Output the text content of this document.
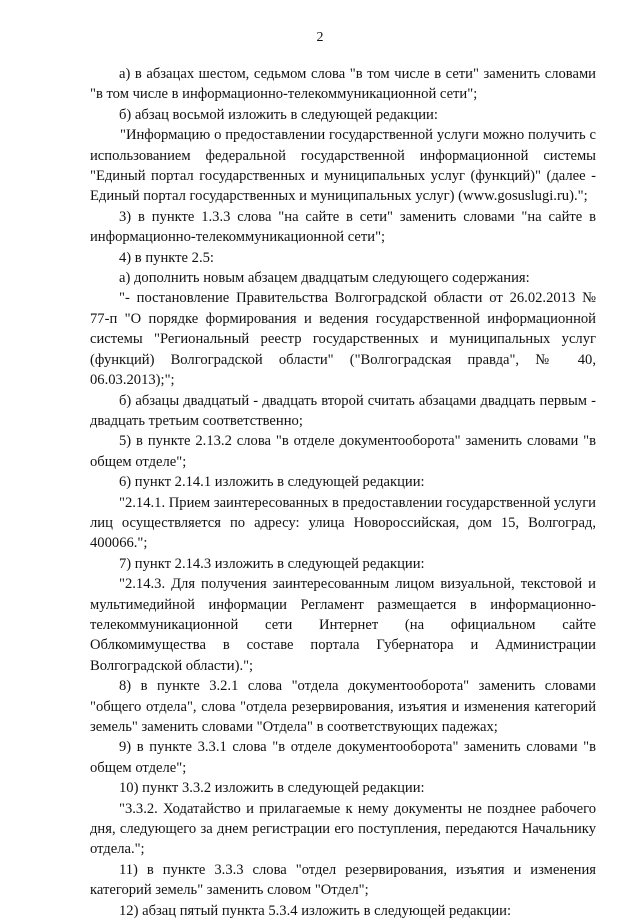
2

а) в абзацах шестом, седьмом слова "в том числе в сети" заменить словами "в том числе в информационно-телекоммуникационной сети";

б) абзац восьмой изложить в следующей редакции:

"Информацию о предоставлении государственной услуги можно получить с использованием федеральной государственной информационной системы "Единый портал государственных и муниципальных услуг (функций)" (далее - Единый портал государственных и муниципальных услуг) (www.gosuslugi.ru).";

3) в пункте 1.3.3 слова "на сайте в сети" заменить словами "на сайте в информационно-телекоммуникационной сети";

4) в пункте 2.5:

а) дополнить новым абзацем двадцатым следующего содержания:

"- постановление Правительства Волгоградской области от 26.02.2013 № 77-п "О порядке формирования и ведения государственной информационной системы "Региональный реестр государственных и муниципальных услуг (функций) Волгоградской области" ("Волгоградская правда", № 40, 06.03.2013);";

б) абзацы двадцатый - двадцать второй считать абзацами двадцать первым - двадцать третьим соответственно;

5) в пункте 2.13.2 слова "в отделе документооборота" заменить словами "в общем отделе";

6) пункт 2.14.1 изложить в следующей редакции:

"2.14.1. Прием заинтересованных в предоставлении государственной услуги лиц осуществляется по адресу: улица Новороссийская, дом 15, Волгоград, 400066.";

7) пункт 2.14.3 изложить в следующей редакции:

"2.14.3. Для получения заинтересованным лицом визуальной, текстовой и мультимедийной информации Регламент размещается в информационно-телекоммуникационной сети Интернет (на официальном сайте Облкомимущества в составе портала Губернатора и Администрации Волгоградской области).";

8) в пункте 3.2.1 слова "отдела документооборота" заменить словами "общего отдела", слова "отдела резервирования, изъятия и изменения категорий земель" заменить словами "Отдела" в соответствующих падежах;

9) в пункте 3.3.1 слова "в отделе документооборота" заменить словами "в общем отделе";

10) пункт 3.3.2 изложить в следующей редакции:

"3.3.2. Ходатайство и прилагаемые к нему документы не позднее рабочего дня, следующего за днем регистрации его поступления, передаются Начальнику отдела.";

11) в пункте 3.3.3 слова "отдел резервирования, изъятия и изменения категорий земель" заменить словом "Отдел";

12) абзац пятый пункта 5.3.4 изложить в следующей редакции:
